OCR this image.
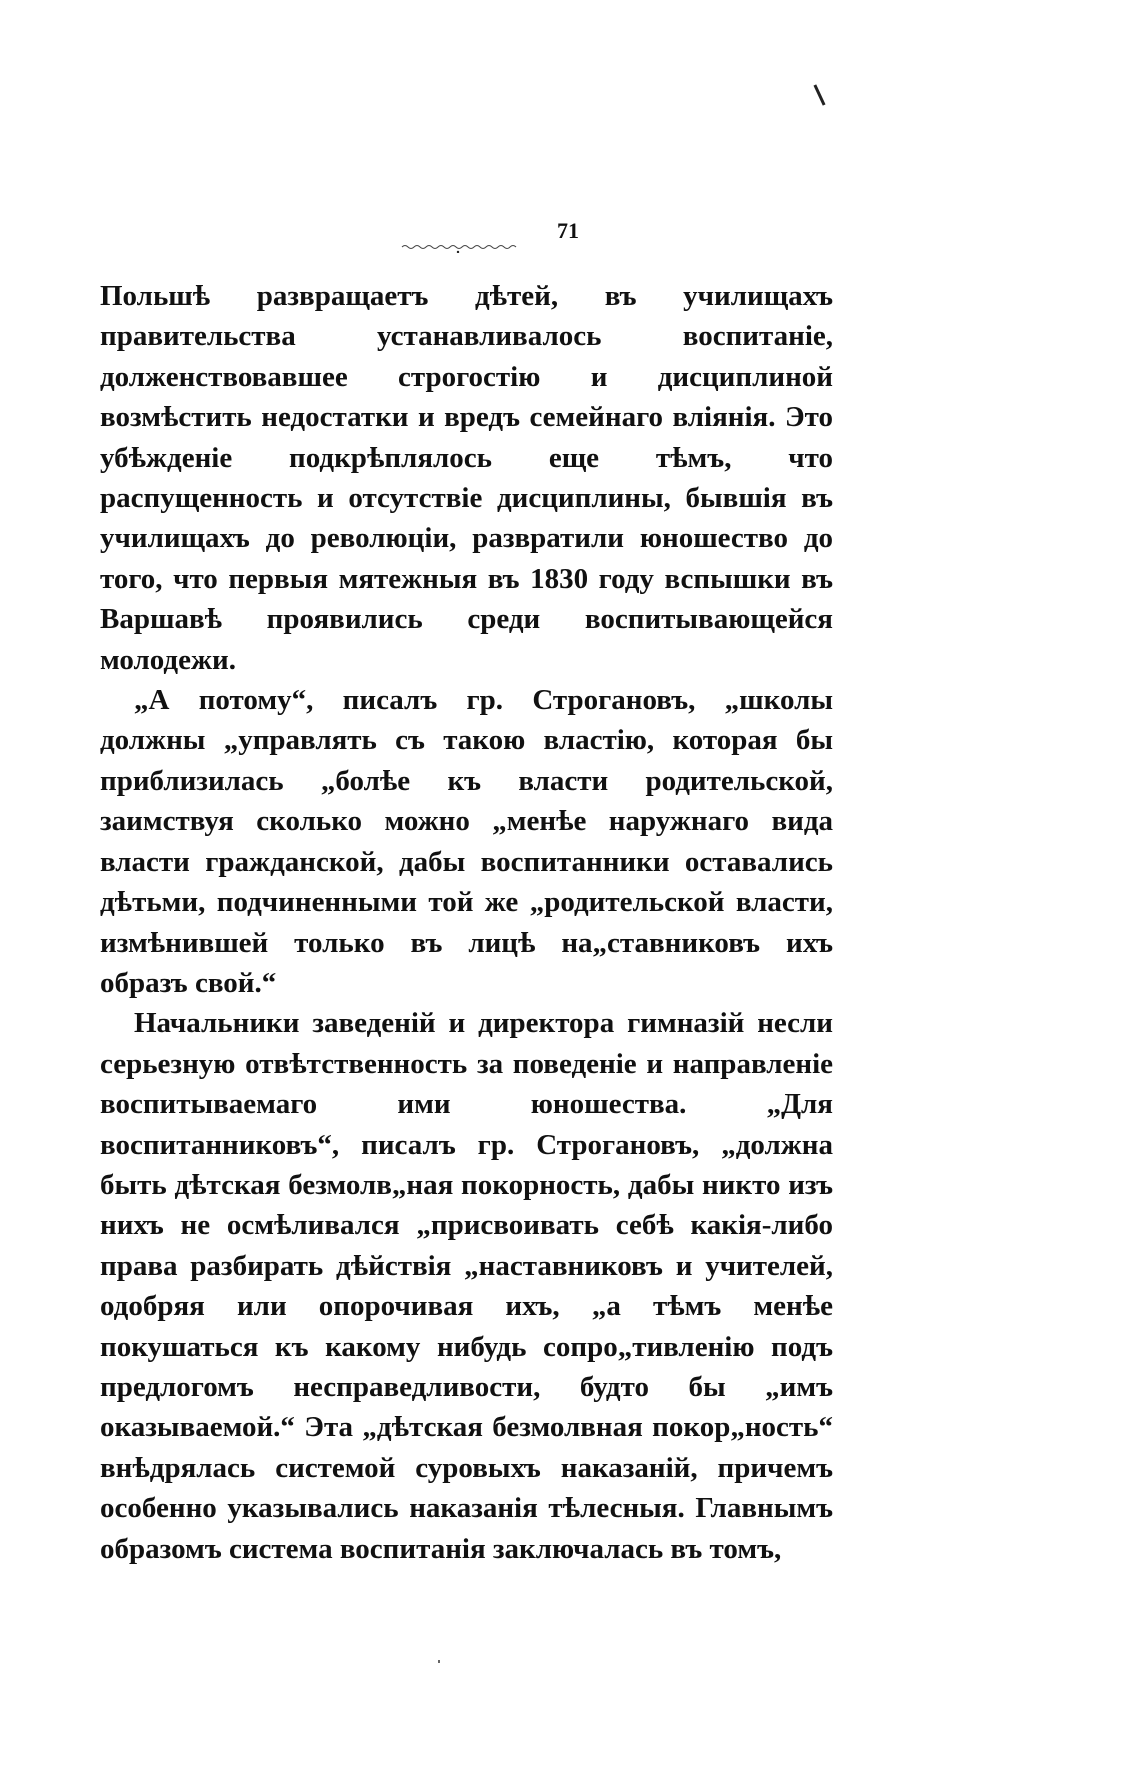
71

Польшѣ развращаетъ дѣтей, въ училищахъ правительства устанавливалось воспитаніе, долженствовавшее строгостію и дисциплиной возмѣстить недостатки и вредъ семейнаго вліянія. Это убѣжденіе подкрѣплялось еще тѣмъ, что распущенность и отсутствіе дисциплины, бывшія въ училищахъ до революціи, развратили юношество до того, что первыя мятежныя въ 1830 году вспышки въ Варшавѣ проявились среди воспитывающейся молодежи.

„А потому“, писалъ гр. Строгановъ, „школы должны „управлять съ такою властію, которая бы приблизилась „болѣе къ власти родительской, заимствуя сколько можно „менѣе наружнаго вида власти гражданской, дабы воспитанники оставались дѣтьми, подчиненными той же „родительской власти, измѣнившей только въ лицѣ на„ставниковъ ихъ образъ свой.“

Начальники заведеній и директора гимназій несли серьезную отвѣтственность за поведеніе и направленіе воспитываемаго ими юношества. „Для воспитанниковъ“, писалъ гр. Строгановъ, „должна быть дѣтская безмолв„ная покорность, дабы никто изъ нихъ не осмѣливался „присвоивать себѣ какія-либо права разбирать дѣйствія „наставниковъ и учителей, одобряя или опорочивая ихъ, „а тѣмъ менѣе покушаться къ какому нибудь сопро„тивленію подъ предлогомъ несправедливости, будто бы „имъ оказываемой.“ Эта „дѣтская безмолвная покор„ность“ внѣдрялась системой суровыхъ наказаній, причемъ особенно указывались наказанія тѣлесныя. Главнымъ образомъ система воспитанія заключалась въ томъ,
